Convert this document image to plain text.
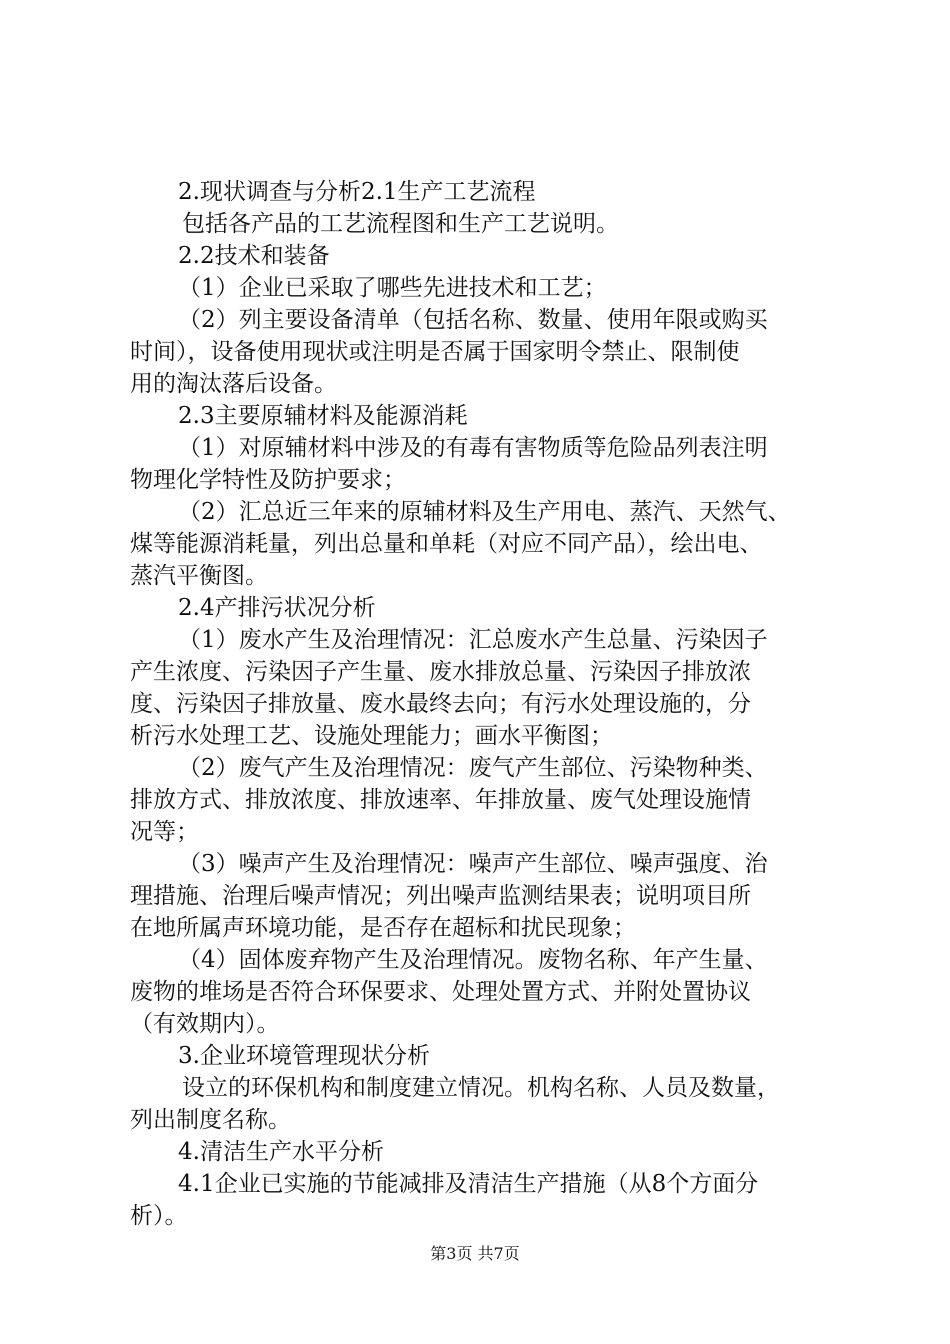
2.现状调查与分析2.1生产工艺流程
包括各产品的工艺流程图和生产工艺说明。
2.2技术和装备
（1）企业已采取了哪些先进技术和工艺；
（2）列主要设备清单（包括名称、数量、使用年限或购买
时间），设备使用现状或注明是否属于国家明令禁止、限制使
用的淘汰落后设备。
2.3主要原辅材料及能源消耗
（1）对原辅材料中涉及的有毒有害物质等危险品列表注明
物理化学特性及防护要求；
（2）汇总近三年来的原辅材料及生产用电、蒸汽、天然气、
煤等能源消耗量，列出总量和单耗（对应不同产品），绘出电、
蒸汽平衡图。
2.4产排污状况分析
（1）废水产生及治理情况：汇总废水产生总量、污染因子
产生浓度、污染因子产生量、废水排放总量、污染因子排放浓
度、污染因子排放量、废水最终去向；有污水处理设施的，分
析污水处理工艺、设施处理能力；画水平衡图；
（2）废气产生及治理情况：废气产生部位、污染物种类、
排放方式、排放浓度、排放速率、年排放量、废气处理设施情
况等；
（3）噪声产生及治理情况：噪声产生部位、噪声强度、治
理措施、治理后噪声情况；列出噪声监测结果表；说明项目所
在地所属声环境功能，是否存在超标和扰民现象；
（4）固体废弃物产生及治理情况。废物名称、年产生量、
废物的堆场是否符合环保要求、处理处置方式、并附处置协议
（有效期内）。
3.企业环境管理现状分析
设立的环保机构和制度建立情况。机构名称、人员及数量，
列出制度名称。
4.清洁生产水平分析
4.1企业已实施的节能减排及清洁生产措施（从8个方面分
析）。
第3页 共7页
